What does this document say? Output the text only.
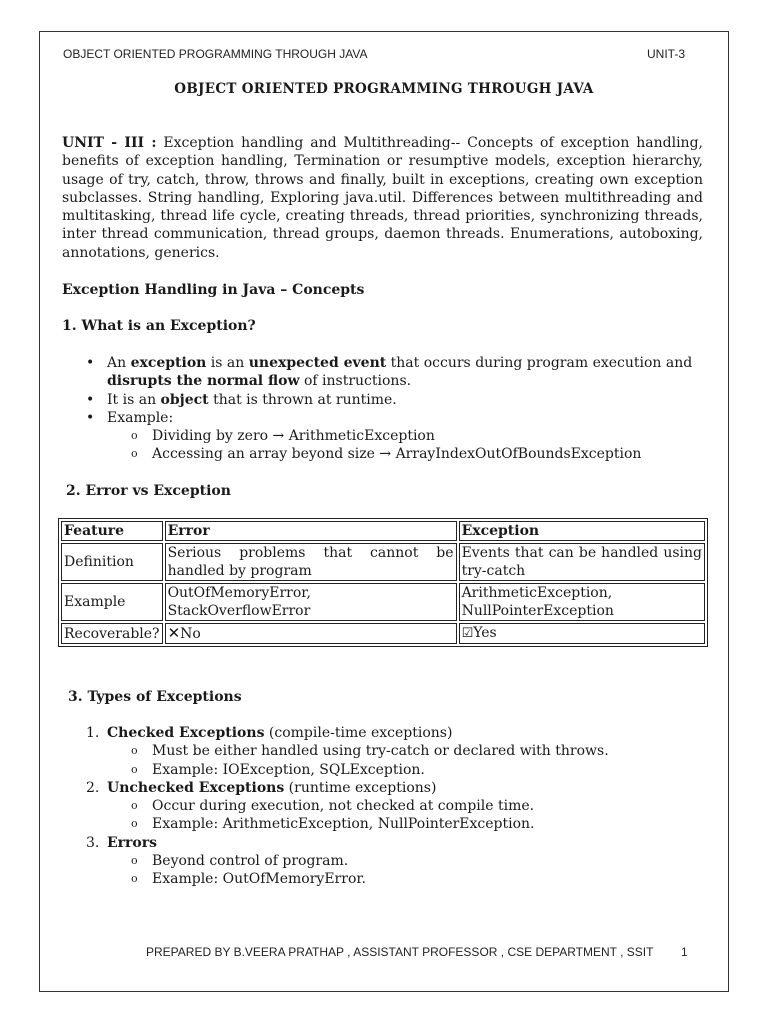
OBJECT ORIENTED PROGRAMMING THROUGH JAVA	UNIT-3
OBJECT ORIENTED PROGRAMMING THROUGH JAVA
UNIT - III : Exception handling and Multithreading-- Concepts of exception handling, benefits of exception handling, Termination or resumptive models, exception hierarchy, usage of try, catch, throw, throws and finally, built in exceptions, creating own exception subclasses. String handling, Exploring java.util. Differences between multithreading and multitasking, thread life cycle, creating threads, thread priorities, synchronizing threads, inter thread communication, thread groups, daemon threads. Enumerations, autoboxing, annotations, generics.
Exception Handling in Java – Concepts
1. What is an Exception?
• An exception is an unexpected event that occurs during program execution and disrupts the normal flow of instructions.
• It is an object that is thrown at runtime.
• Example:
o Dividing by zero → ArithmeticException
o Accessing an array beyond size → ArrayIndexOutOfBoundsException
2. Error vs Exception
Feature	Error	Exception
Definition	Serious problems that cannot be handled by program	Events that can be handled using try-catch
Example	OutOfMemoryError, StackOverflowError	ArithmeticException, NullPointerException
Recoverable?	✕No	☑Yes
3. Types of Exceptions
1. Checked Exceptions (compile-time exceptions)
o Must be either handled using try-catch or declared with throws.
o Example: IOException, SQLException.
2. Unchecked Exceptions (runtime exceptions)
o Occur during execution, not checked at compile time.
o Example: ArithmeticException, NullPointerException.
3. Errors
o Beyond control of program.
o Example: OutOfMemoryError.
PREPARED BY B.VEERA PRATHAP , ASSISTANT PROFESSOR , CSE DEPARTMENT , SSIT 1
